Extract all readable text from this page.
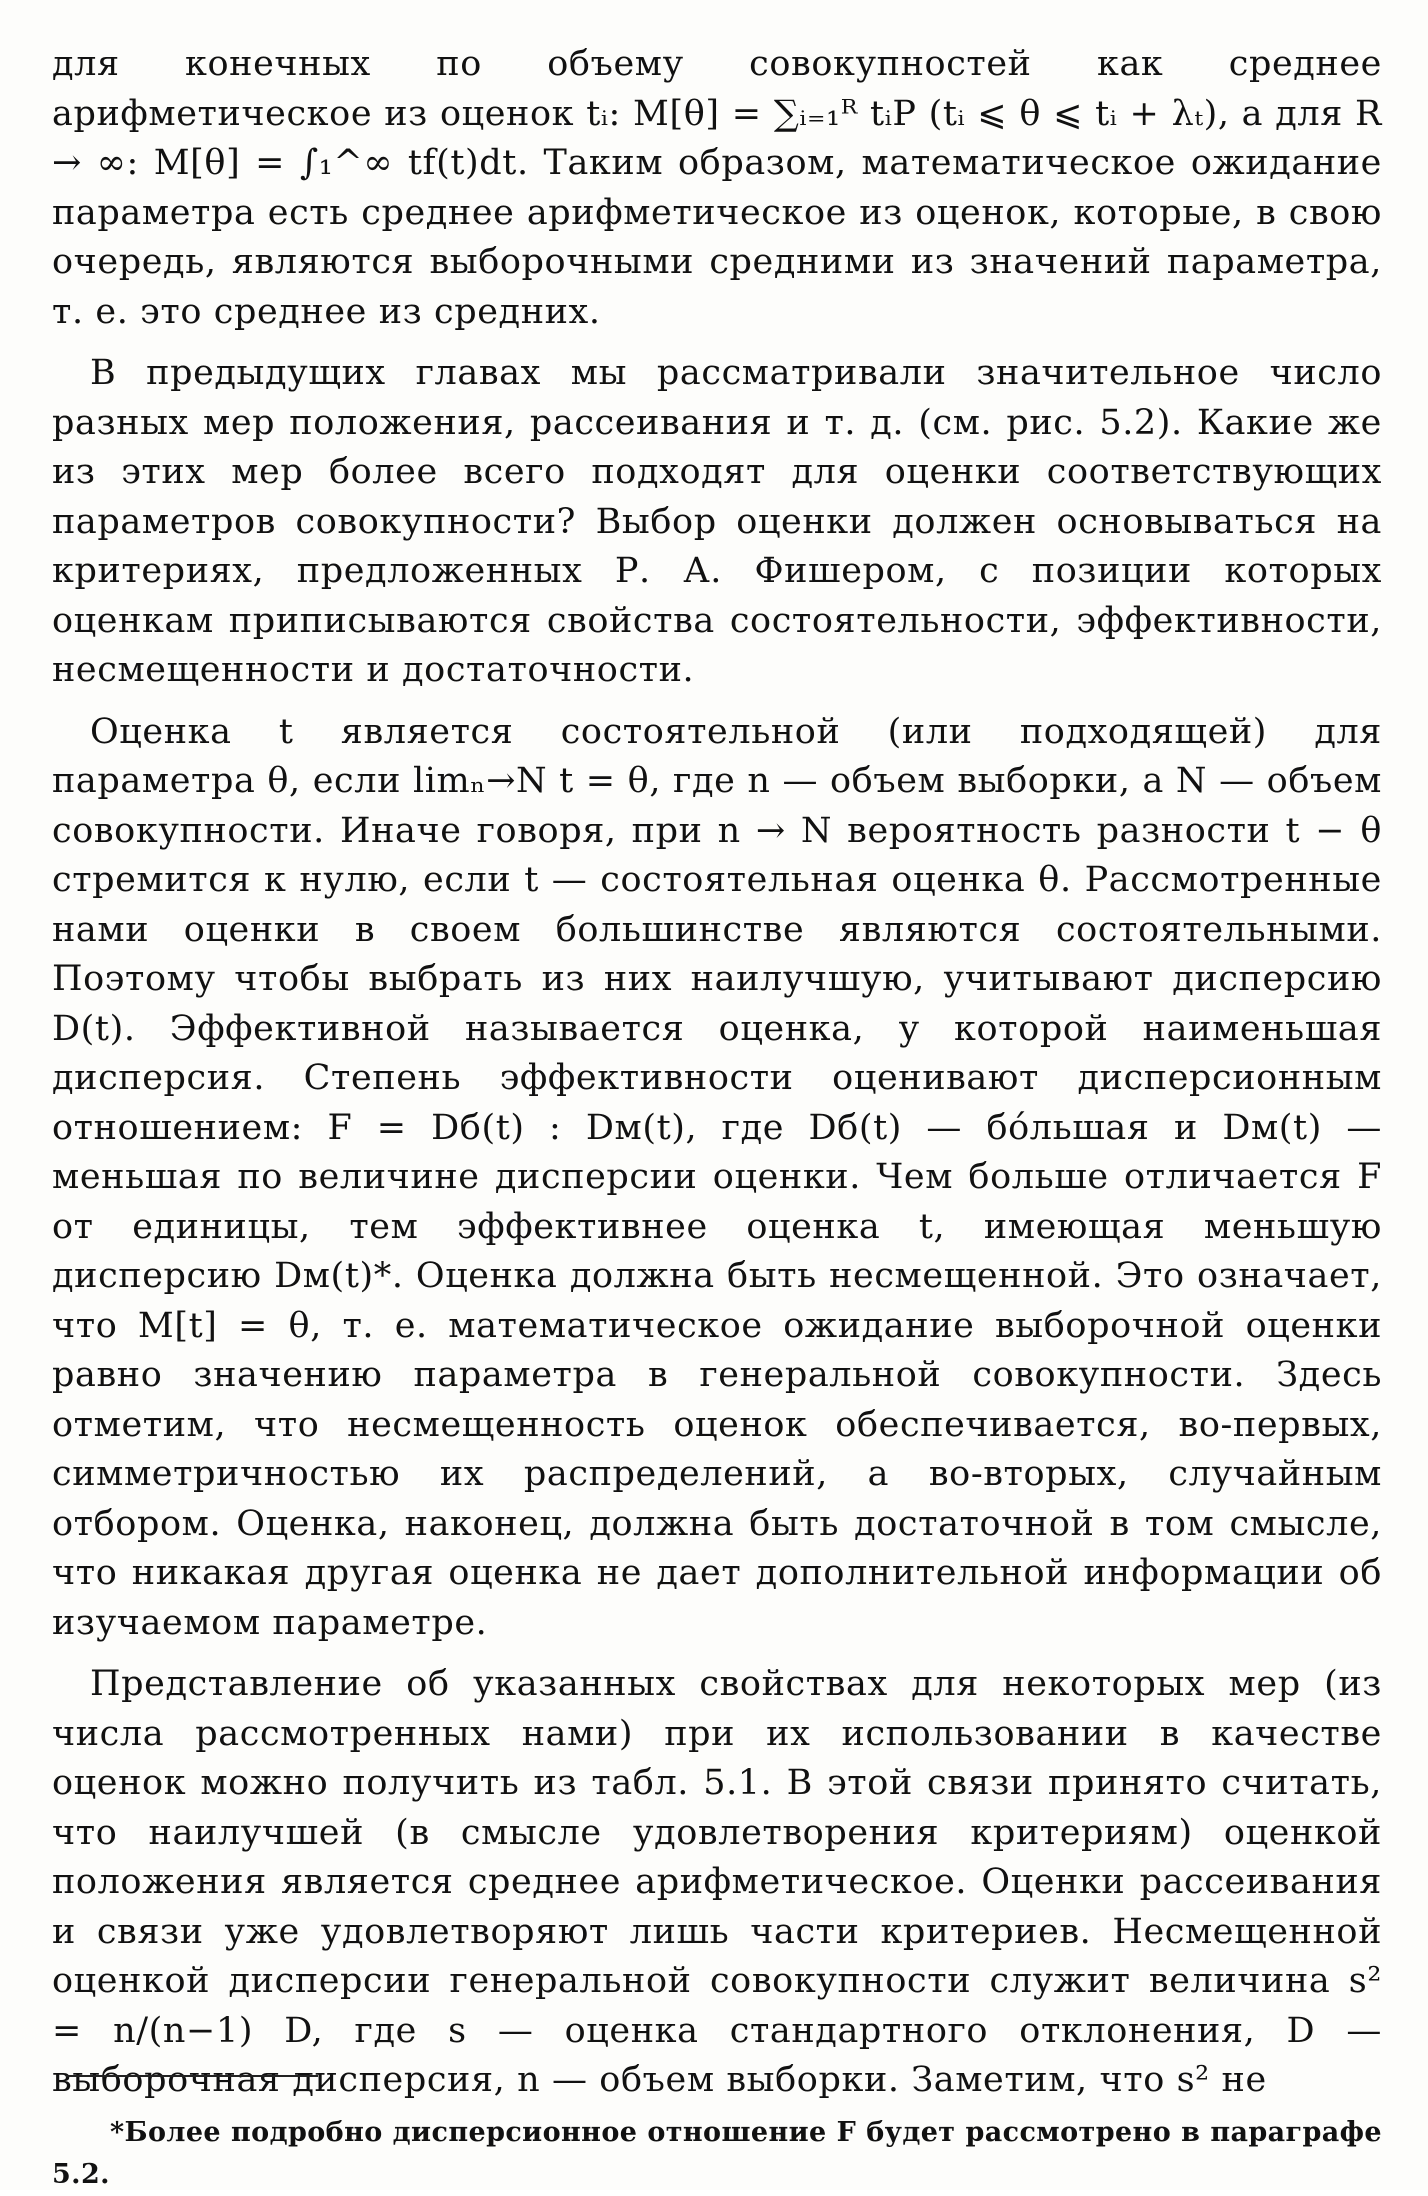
для конечных по объему совокупностей как среднее арифметическое из оценок tᵢ: M[θ] = ∑ᵢ₌₁ᴿ tᵢP (tᵢ ⩽ θ ⩽ tᵢ + λₜ), а для R → ∞: M[θ] = ∫₁^∞ tf(t)dt. Таким образом, математическое ожидание параметра есть среднее арифметическое из оценок, которые, в свою очередь, являются выборочными средними из значений параметра, т. е. это среднее из средних.

В предыдущих главах мы рассматривали значительное число разных мер положения, рассеивания и т. д. (см. рис. 5.2). Какие же из этих мер более всего подходят для оценки соответствующих параметров совокупности? Выбор оценки должен основываться на критериях, предложенных Р. А. Фишером, с позиции которых оценкам приписываются свойства состоятельности, эффективности, несмещенности и достаточности.

Оценка t является состоятельной (или подходящей) для параметра θ, если limₙ→N t = θ, где n — объем выборки, а N — объем совокупности. Иначе говоря, при n → N вероятность разности t − θ стремится к нулю, если t — состоятельная оценка θ. Рассмотренные нами оценки в своем большинстве являются состоятельными. Поэтому чтобы выбрать из них наилучшую, учитывают дисперсию D(t). Эффективной называется оценка, у которой наименьшая дисперсия. Степень эффективности оценивают дисперсионным отношением: F = Dб(t) : Dм(t), где Dб(t) — бóльшая и Dм(t) — меньшая по величине дисперсии оценки. Чем больше отличается F от единицы, тем эффективнее оценка t, имеющая меньшую дисперсию Dм(t)*. Оценка должна быть несмещенной. Это означает, что M[t] = θ, т. е. математическое ожидание выборочной оценки равно значению параметра в генеральной совокупности. Здесь отметим, что несмещенность оценок обеспечивается, во-первых, симметричностью их распределений, а во-вторых, случайным отбором. Оценка, наконец, должна быть достаточной в том смысле, что никакая другая оценка не дает дополнительной информации об изучаемом параметре.

Представление об указанных свойствах для некоторых мер (из числа рассмотренных нами) при их использовании в качестве оценок можно получить из табл. 5.1. В этой связи принято считать, что наилучшей (в смысле удовлетворения критериям) оценкой положения является среднее арифметическое. Оценки рассеивания и связи уже удовлетворяют лишь части критериев. Несмещенной оценкой дисперсии генеральной совокупности служит величина s² = n/(n−1) D, где s — оценка стандартного отклонения, D — выборочная дисперсия, n — объем выборки. Заметим, что s² не

*Более подробно дисперсионное отношение F будет рассмотрено в параграфе 5.2.
